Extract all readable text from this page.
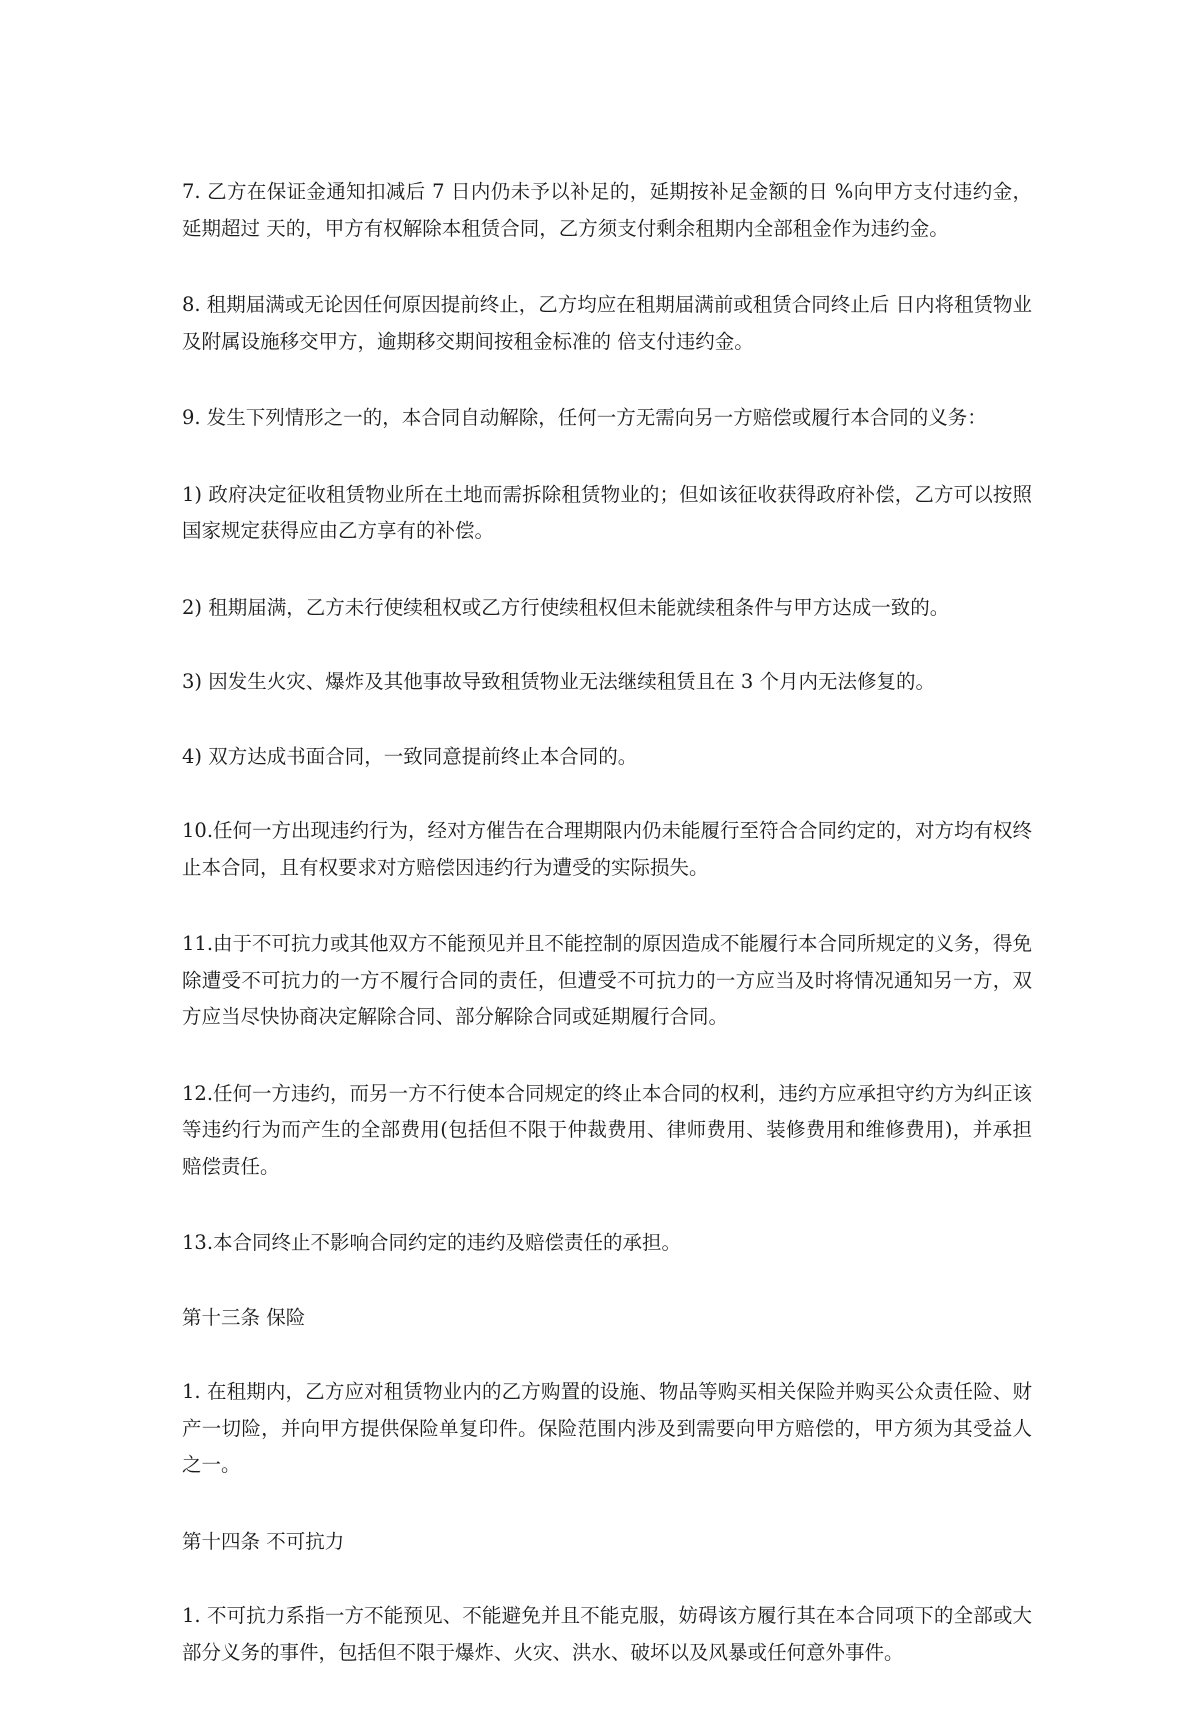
7. 乙方在保证金通知扣减后 7 日内仍未予以补足的，延期按补足金额的日 %向甲方支付违约金，延期超过 天的，甲方有权解除本租赁合同，乙方须支付剩余租期内全部租金作为违约金。

8. 租期届满或无论因任何原因提前终止，乙方均应在租期届满前或租赁合同终止后 日内将租赁物业及附属设施移交甲方，逾期移交期间按租金标准的 倍支付违约金。

9. 发生下列情形之一的，本合同自动解除，任何一方无需向另一方赔偿或履行本合同的义务：

1) 政府决定征收租赁物业所在土地而需拆除租赁物业的；但如该征收获得政府补偿，乙方可以按照国家规定获得应由乙方享有的补偿。

2) 租期届满，乙方未行使续租权或乙方行使续租权但未能就续租条件与甲方达成一致的。

3) 因发生火灾、爆炸及其他事故导致租赁物业无法继续租赁且在 3 个月内无法修复的。

4) 双方达成书面合同，一致同意提前终止本合同的。

10.任何一方出现违约行为，经对方催告在合理期限内仍未能履行至符合合同约定的，对方均有权终止本合同，且有权要求对方赔偿因违约行为遭受的实际损失。

11.由于不可抗力或其他双方不能预见并且不能控制的原因造成不能履行本合同所规定的义务，得免除遭受不可抗力的一方不履行合同的责任，但遭受不可抗力的一方应当及时将情况通知另一方，双方应当尽快协商决定解除合同、部分解除合同或延期履行合同。

12.任何一方违约，而另一方不行使本合同规定的终止本合同的权利，违约方应承担守约方为纠正该等违约行为而产生的全部费用(包括但不限于仲裁费用、律师费用、装修费用和维修费用)，并承担赔偿责任。

13.本合同终止不影响合同约定的违约及赔偿责任的承担。

第十三条 保险

1. 在租期内，乙方应对租赁物业内的乙方购置的设施、物品等购买相关保险并购买公众责任险、财产一切险，并向甲方提供保险单复印件。保险范围内涉及到需要向甲方赔偿的，甲方须为其受益人之一。

第十四条 不可抗力

1. 不可抗力系指一方不能预见、不能避免并且不能克服，妨碍该方履行其在本合同项下的全部或大部分义务的事件，包括但不限于爆炸、火灾、洪水、破坏以及风暴或任何意外事件。
